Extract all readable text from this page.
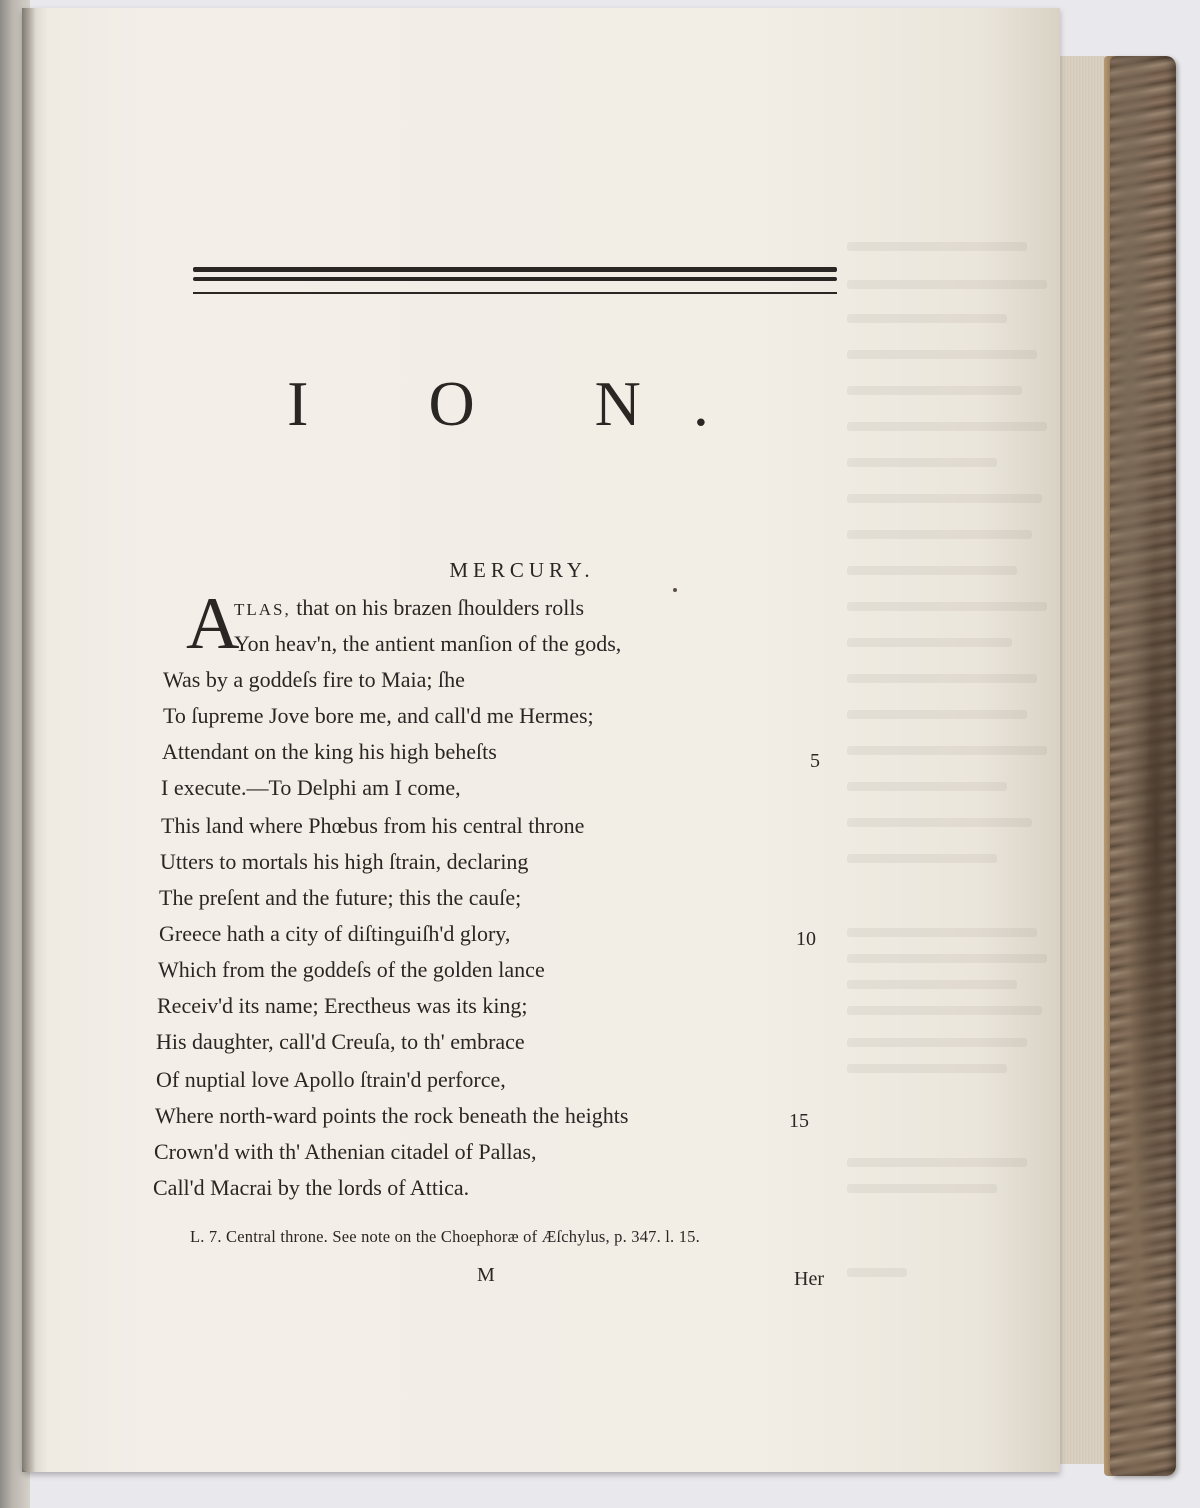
I O N.
MERCURY.
A
TLAS, that on his brazen ſhoulders rolls
Yon heav'n, the antient manſion of the gods,
Was by a goddeſs fire to Maia; ſhe
To ſupreme Jove bore me, and call'd me Hermes;
Attendant on the king his high beheſts
I execute.—To Delphi am I come,
This land where Phœbus from his central throne
Utters to mortals his high ſtrain, declaring
The preſent and the future; this the cauſe;
Greece hath a city of diſtinguiſh'd glory,
Which from the goddeſs of the golden lance
Receiv'd its name; Erectheus was its king;
His daughter, call'd Creuſa, to th' embrace
Of nuptial love Apollo ſtrain'd perforce,
Where north-ward points the rock beneath the heights
Crown'd with th' Athenian citadel of Pallas,
Call'd Macrai by the lords of Attica.
5
10
15
L. 7. Central throne. See note on the Choephoræ of Æſchylus, p. 347. l. 15.
M	Her
